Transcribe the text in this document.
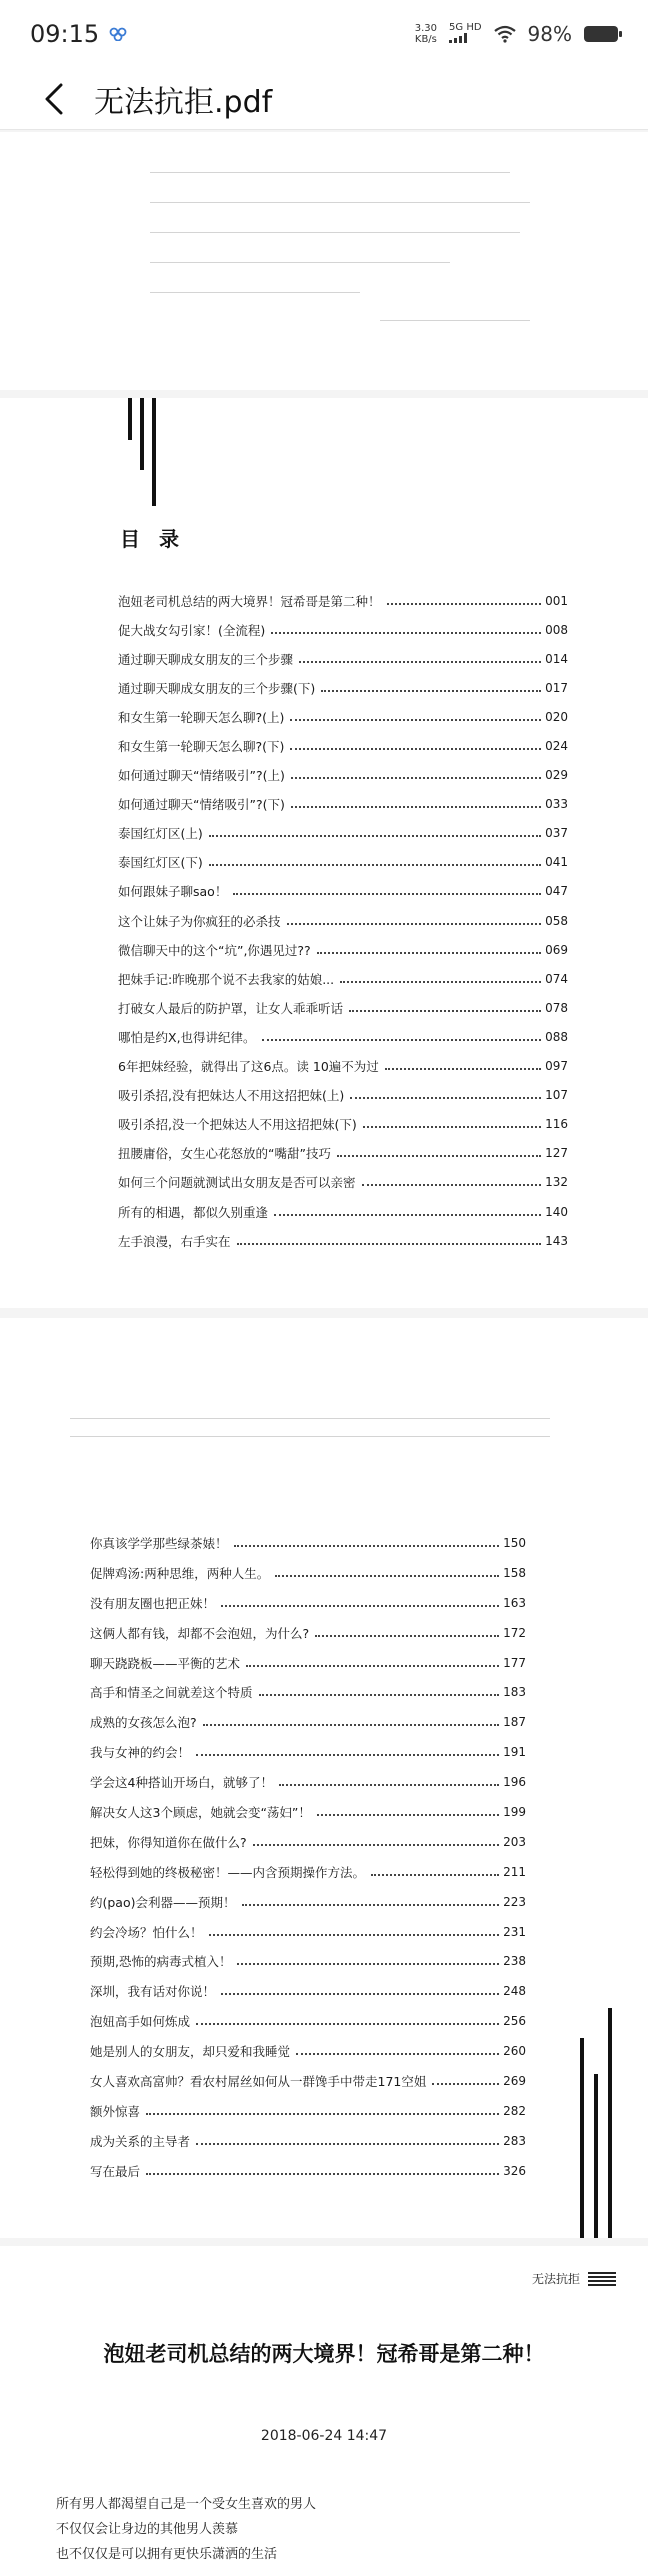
09:15	3.30
KB/s
5G HD 98%
无法抗拒.pdf
目 录
泡妞老司机总结的两大境界！冠希哥是第二种！	001
促大战女勾引家！(全流程)	008
通过聊天聊成女朋友的三个步骤	014
通过聊天聊成女朋友的三个步骤(下)	017
和女生第一轮聊天怎么聊?(上)	020
和女生第一轮聊天怎么聊?(下)	024
如何通过聊天“情绪吸引”?(上)	029
如何通过聊天“情绪吸引”?(下)	033
泰国红灯区(上)	037
泰国红灯区(下)	041
如何跟妹子聊sao！	047
这个让妹子为你疯狂的必杀技	058
微信聊天中的这个“坑”,你遇见过??	069
把妹手记:昨晚那个说不去我家的姑娘...	074
打破女人最后的防护罩，让女人乖乖听话	078
哪怕是约X,也得讲纪律。	088
6年把妹经验，就得出了这6点。读 10遍不为过	097
吸引杀招,没有把妹达人不用这招把妹(上)	107
吸引杀招,没一个把妹达人不用这招把妹(下)	116
扭腰庸俗，女生心花怒放的“嘴甜”技巧	127
如何三个问题就测试出女朋友是否可以亲密	132
所有的相遇，都似久别重逢	140
左手浪漫，右手实在	143
你真该学学那些绿茶婊！	150
促牌鸡汤:两种思维，两种人生。	158
没有朋友圈也把正妹！	163
这俩人都有钱，却都不会泡妞，为什么?	172
聊天跷跷板——平衡的艺术	177
高手和情圣之间就差这个特质	183
成熟的女孩怎么泡?	187
我与女神的约会！	191
学会这4种搭讪开场白，就够了！	196
解决女人这3个顾虑，她就会变“荡妇”！	199
把妹，你得知道你在做什么?	203
轻松得到她的终极秘密！——内含预期操作方法。	211
约(pao)会利器——预期！	223
约会冷场？怕什么！	231
预期,恐怖的病毒式植入！	238
深圳，我有话对你说！	248
泡妞高手如何炼成	256
她是别人的女朋友，却只爱和我睡觉	260
女人喜欢高富帅？看农村屌丝如何从一群馋手中带走171空姐	269
额外惊喜	282
成为关系的主导者	283
写在最后	326
无法抗拒
泡妞老司机总结的两大境界！冠希哥是第二种！
2018-06-24 14:47
所有男人都渴望自己是一个受女生喜欢的男人
不仅仅会让身边的其他男人羡慕
也不仅仅是可以拥有更快乐潇洒的生活
